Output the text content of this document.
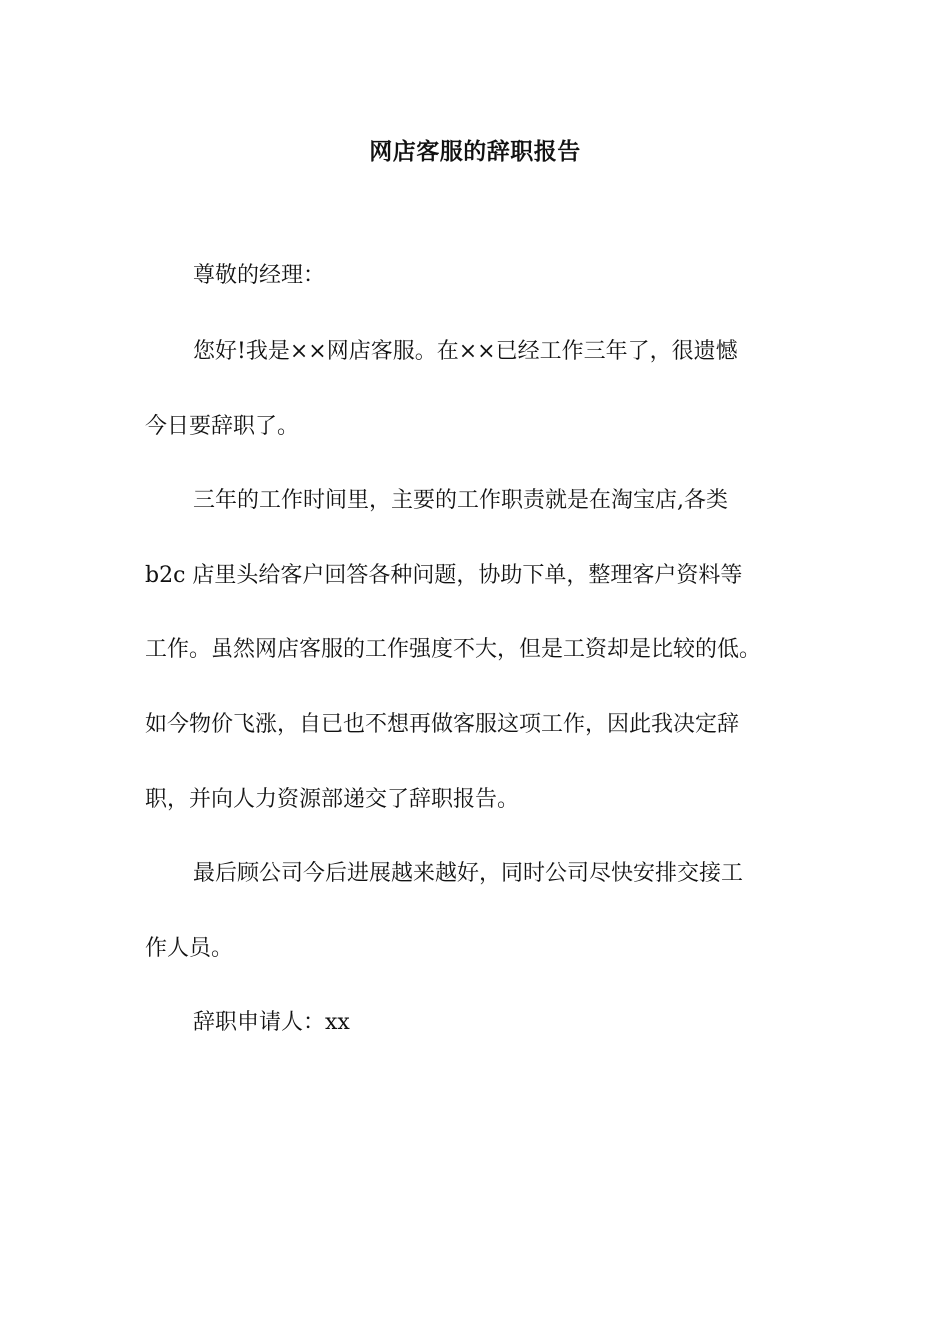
网店客服的辞职报告
尊敬的经理：
您好!我是××网店客服。在××已经工作三年了，很遗憾
今日要辞职了。
三年的工作时间里，主要的工作职责就是在淘宝店,各类
b2c 店里头给客户回答各种问题，协助下单，整理客户资料等
工作。虽然网店客服的工作强度不大，但是工资却是比较的低。
如今物价飞涨，自已也不想再做客服这项工作，因此我决定辞
职，并向人力资源部递交了辞职报告。
最后顾公司今后进展越来越好，同时公司尽快安排交接工
作人员。
辞职申请人：xx
